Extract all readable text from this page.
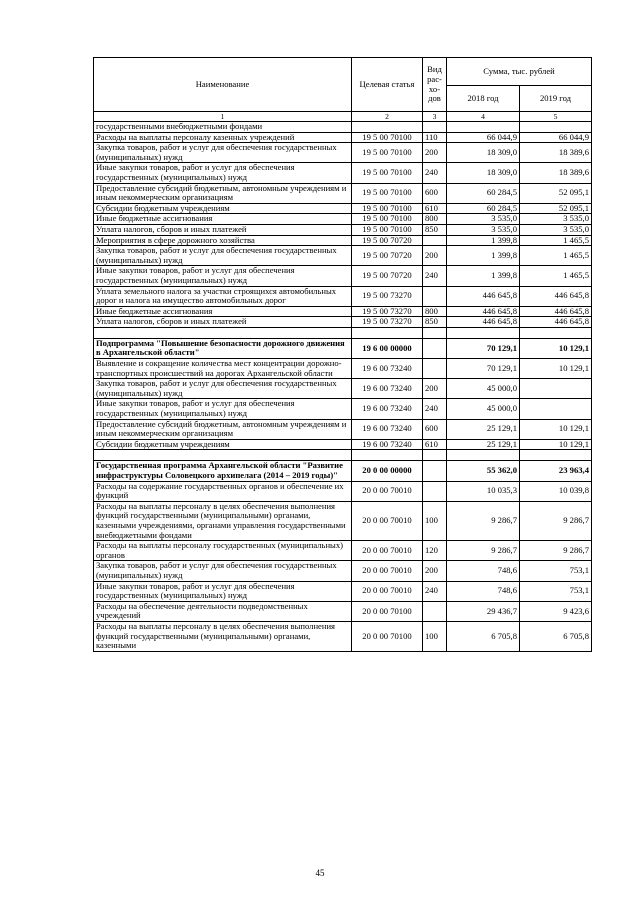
Наименование	Целевая статья	Вид рас-хо-дов	Сумма, тыс. рублей	
			2018 год	2019 год
1	2	3	4	5
государственными внебюджетными фондами				
Расходы на выплаты персоналу казенных учреждений	19 5 00 70100	110	66 044,9	66 044,9
Закупка товаров, работ и услуг для обеспечения государственных (муниципальных) нужд	19 5 00 70100	200	18 309,0	18 389,6
Иные закупки товаров, работ и услуг для обеспечения государственных (муниципальных) нужд	19 5 00 70100	240	18 309,0	18 389,6
Предоставление субсидий бюджетным, автономным учреждениям и иным некоммерческим организациям	19 5 00 70100	600	60 284,5	52 095,1
Субсидии бюджетным учреждениям	19 5 00 70100	610	60 284,5	52 095,1
Иные бюджетные ассигнования	19 5 00 70100	800	3 535,0	3 535,0
Уплата налогов, сборов и иных платежей	19 5 00 70100	850	3 535,0	3 535,0
Мероприятия в сфере дорожного хозяйства	19 5 00 70720		1 399,8	1 465,5
Закупка товаров, работ и услуг для обеспечения государственных (муниципальных) нужд	19 5 00 70720	200	1 399,8	1 465,5
Иные закупки товаров, работ и услуг для обеспечения государственных (муниципальных) нужд	19 5 00 70720	240	1 399,8	1 465,5
Уплата земельного налога за участки строящихся автомобильных дорог и налога на имущество автомобильных дорог	19 5 00 73270		446 645,8	446 645,8
Иные бюджетные ассигнования	19 5 00 73270	800	446 645,8	446 645,8
Уплата налогов, сборов и иных платежей	19 5 00 73270	850	446 645,8	446 645,8

Подпрограмма "Повышение безопасности дорожного движения в Архангельской области"	19 6 00 00000		70 129,1	10 129,1
Выявление и сокращение количества мест концентрации дорожно-транспортных происшествий на дорогах Архангельской области	19 6 00 73240		70 129,1	10 129,1
Закупка товаров, работ и услуг для обеспечения государственных (муниципальных) нужд	19 6 00 73240	200	45 000,0	
Иные закупки товаров, работ и услуг для обеспечения государственных (муниципальных) нужд	19 6 00 73240	240	45 000,0	
Предоставление субсидий бюджетным, автономным учреждениям и иным некоммерческим организациям	19 6 00 73240	600	25 129,1	10 129,1
Субсидии бюджетным учреждениям	19 6 00 73240	610	25 129,1	10 129,1

Государственная программа Архангельской области "Развитие инфраструктуры Соловецкого архипелага (2014 – 2019 годы)"	20 0 00 00000		55 362,0	23 963,4
Расходы на содержание государственных органов и обеспечение их функций	20 0 00 70010		10 035,3	10 039,8
Расходы на выплаты персоналу в целях обеспечения выполнения функций государственными (муниципальными) органами, казенными учреждениями, органами управления государственными внебюджетными фондами	20 0 00 70010	100	9 286,7	9 286,7
Расходы на выплаты персоналу государственных (муниципальных) органов	20 0 00 70010	120	9 286,7	9 286,7
Закупка товаров, работ и услуг для обеспечения государственных (муниципальных) нужд	20 0 00 70010	200	748,6	753,1
Иные закупки товаров, работ и услуг для обеспечения государственных (муниципальных) нужд	20 0 00 70010	240	748,6	753,1
Расходы на обеспечение деятельности подведомственных учреждений	20 0 00 70100		29 436,7	9 423,6
Расходы на выплаты персоналу в целях обеспечения выполнения функций государственными (муниципальными) органами, казенными	20 0 00 70100	100	6 705,8	6 705,8
45
